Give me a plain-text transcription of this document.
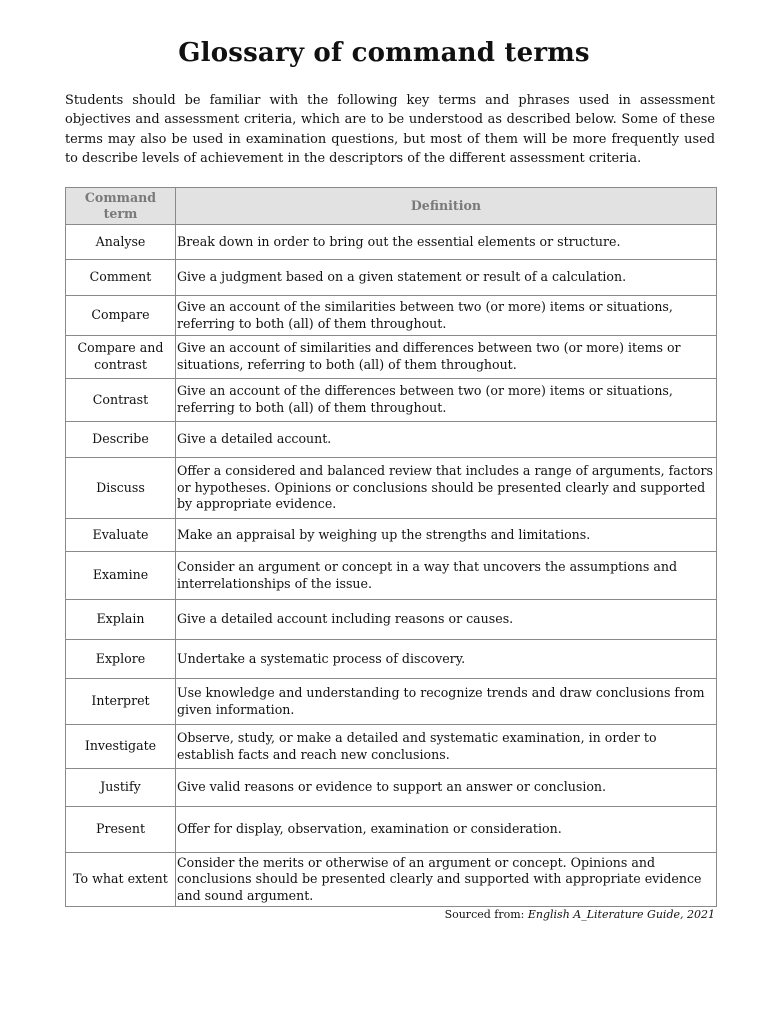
Glossary of command terms

Students should be familiar with the following key terms and phrases used in assessment objectives and assessment criteria, which are to be understood as described below. Some of these terms may also be used in examination questions, but most of them will be more frequently used to describe levels of achievement in the descriptors of the different assessment criteria.

Command term	Definition
Analyse	Break down in order to bring out the essential elements or structure.
Comment	Give a judgment based on a given statement or result of a calculation.
Compare	Give an account of the similarities between two (or more) items or situations, referring to both (all) of them throughout.
Compare and contrast	Give an account of similarities and differences between two (or more) items or situations, referring to both (all) of them throughout.
Contrast	Give an account of the differences between two (or more) items or situations, referring to both (all) of them throughout.
Describe	Give a detailed account.
Discuss	Offer a considered and balanced review that includes a range of arguments, factors or hypotheses. Opinions or conclusions should be presented clearly and supported by appropriate evidence.
Evaluate	Make an appraisal by weighing up the strengths and limitations.
Examine	Consider an argument or concept in a way that uncovers the assumptions and interrelationships of the issue.
Explain	Give a detailed account including reasons or causes.
Explore	Undertake a systematic process of discovery.
Interpret	Use knowledge and understanding to recognize trends and draw conclusions from given information.
Investigate	Observe, study, or make a detailed and systematic examination, in order to establish facts and reach new conclusions.
Justify	Give valid reasons or evidence to support an answer or conclusion.
Present	Offer for display, observation, examination or consideration.
To what extent	Consider the merits or otherwise of an argument or concept. Opinions and conclusions should be presented clearly and supported with appropriate evidence and sound argument.
Sourced from: English A_Literature Guide, 2021
